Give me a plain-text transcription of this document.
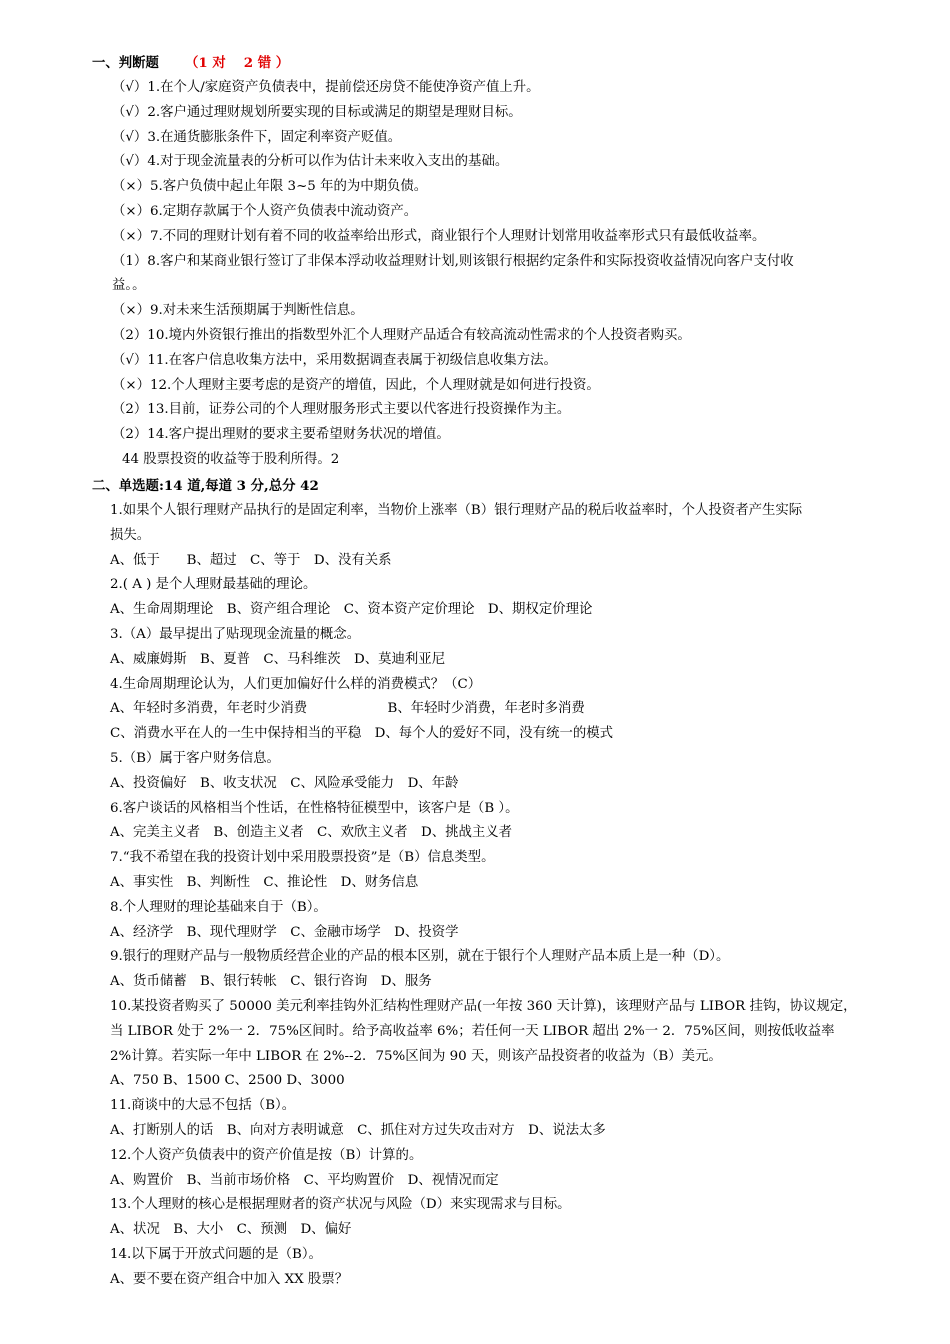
一、判断题 （1 对　 2 错 ）
（√）1.在个人/家庭资产负债表中，提前偿还房贷不能使净资产值上升。
（√）2.客户通过理财规划所要实现的目标或满足的期望是理财目标。
（√）3.在通货膨胀条件下，固定利率资产贬值。
（√）4.对于现金流量表的分析可以作为估计未来收入支出的基础。
（×）5.客户负债中起止年限 3~5 年的为中期负债。
（×）6.定期存款属于个人资产负债表中流动资产。
（×）7.不同的理财计划有着不同的收益率给出形式，商业银行个人理财计划常用收益率形式只有最低收益率。
（1）8.客户和某商业银行签订了非保本浮动收益理财计划,则该银行根据约定条件和实际投资收益情况向客户支付收
益。。
（×）9.对未来生活预期属于判断性信息。
（2）10.境内外资银行推出的指数型外汇个人理财产品适合有较高流动性需求的个人投资者购买。
（√）11.在客户信息收集方法中，采用数据调查表属于初级信息收集方法。
（×）12.个人理财主要考虑的是资产的增值，因此，个人理财就是如何进行投资。
（2）13.目前，证券公司的个人理财服务形式主要以代客进行投资操作为主。
（2）14.客户提出理财的要求主要希望财务状况的增值。
44 股票投资的收益等于股利所得。2
二、单选题:14 道,每道 3 分,总分 42
1.如果个人银行理财产品执行的是固定利率，当物价上涨率（B）银行理财产品的税后收益率时，个人投资者产生实际
损失。
A、低于　　B、超过　C、等于　D、没有关系
2.( A ) 是个人理财最基础的理论。
A、生命周期理论　B、资产组合理论　C、资本资产定价理论　D、期权定价理论
3.（A）最早提出了贴现现金流量的概念。
A、威廉姆斯　B、夏普　C、马科维茨　D、莫迪利亚尼
4.生命周期理论认为，人们更加偏好什么样的消费模式？（C）
A、年轻时多消费，年老时少消费　　　　　　B、年轻时少消费，年老时多消费
C、消费水平在人的一生中保持相当的平稳　D、每个人的爱好不同，没有统一的模式
5.（B）属于客户财务信息。
A、投资偏好　B、收支状况　C、风险承受能力　D、年龄
6.客户谈话的风格相当个性话，在性格特征模型中，该客户是（B ）。
A、完美主义者　B、创造主义者　C、欢欣主义者　D、挑战主义者
7.“我不希望在我的投资计划中采用股票投资”是（B）信息类型。
A、事实性　B、判断性　C、推论性　D、财务信息
8.个人理财的理论基础来自于（B）。
A、经济学　B、现代理财学　C、金融市场学　D、投资学
9.银行的理财产品与一般物质经营企业的产品的根本区别，就在于银行个人理财产品本质上是一种（D）。
A、货币储蓄　B、银行转帐　C、银行咨询　D、服务
10.某投资者购买了 50000 美元利率挂钩外汇结构性理财产品(一年按 360 天计算)，该理财产品与 LIBOR 挂钩，协议规定，
当 LIBOR 处于 2%一 2．75%区间时。给予高收益率 6%；若任何一天 LIBOR 超出 2%一 2．75%区间，则按低收益率
2%计算。若实际一年中 LIBOR 在 2%--2．75%区间为 90 天，则该产品投资者的收益为（B）美元。
A、750 B、1500 C、2500 D、3000
11.商谈中的大忌不包括（B）。
A、打断别人的话　B、向对方表明诚意　C、抓住对方过失攻击对方　D、说法太多
12.个人资产负债表中的资产价值是按（B）计算的。
A、购置价　B、当前市场价格　C、平均购置价　D、视情况而定
13.个人理财的核心是根据理财者的资产状况与风险（D）来实现需求与目标。
A、状况　B、大小　C、预测　D、偏好
14.以下属于开放式问题的是（B）。
A、要不要在资产组合中加入 XX 股票？
